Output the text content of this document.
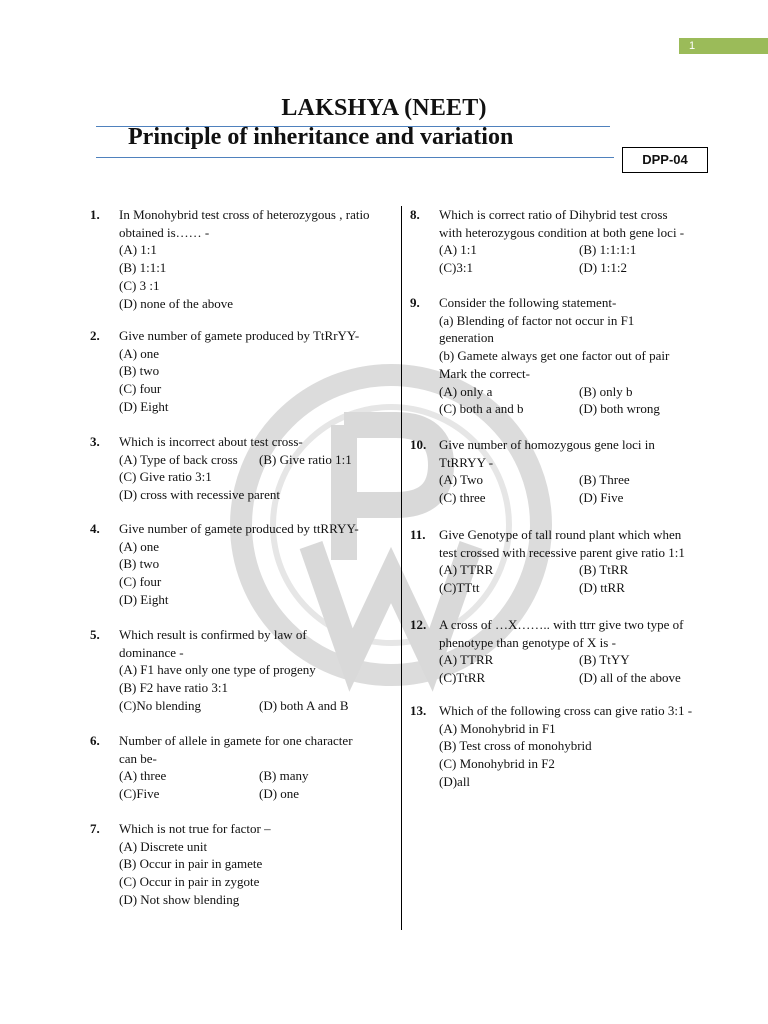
1
LAKSHYA (NEET)
Principle of inheritance and variation
DPP-04
1. In Monohybrid test cross of heterozygous , ratio
obtained is…… -
(A) 1:1
(B) 1:1:1
(C) 3 :1
(D) none of the above
2. Give number of gamete produced by TtRrYY-
(A) one
(B) two
(C) four
(D) Eight
3. Which is incorrect about test cross-
(A) Type of back cross	(B) Give ratio 1:1
(C) Give ratio 3:1
(D) cross with recessive parent
4. Give number of gamete produced by ttRRYY-
(A) one
(B) two
(C) four
(D) Eight
5. Which result is confirmed by law of
dominance -
(A) F1 have only one type of progeny
(B) F2 have ratio 3:1
(C)No blending	(D) both A and B
6. Number of allele in gamete for one character
can be-
(A) three	(B) many
(C)Five	(D) one
7. Which is not true for factor –
(A) Discrete unit
(B) Occur in pair in gamete
(C) Occur in pair in zygote
(D) Not show blending
8. Which is correct ratio of Dihybrid test cross
with heterozygous condition at both gene loci -
(A) 1:1	(B) 1:1:1:1
(C)3:1	(D) 1:1:2
9. Consider the following statement-
(a) Blending of factor not occur in F1
generation
(b) Gamete always get one factor out of pair
Mark the correct-
(A) only a	(B) only b
(C) both a and b	(D) both wrong
10. Give number of homozygous gene loci in
TtRRYY -
(A) Two	(B) Three
(C) three	(D) Five
11. Give Genotype of tall round plant which when
test crossed with recessive parent give ratio 1:1
(A) TTRR	(B) TtRR
(C)TTtt	(D) ttRR
12. A cross of …X…….. with ttrr give two type of
phenotype than genotype of X is -
(A) TTRR	(B) TtYY
(C)TtRR	(D) all of the above
13. Which of the following cross can give ratio 3:1 -
(A) Monohybrid in F1
(B) Test cross of monohybrid
(C) Monohybrid in F2
(D)all
